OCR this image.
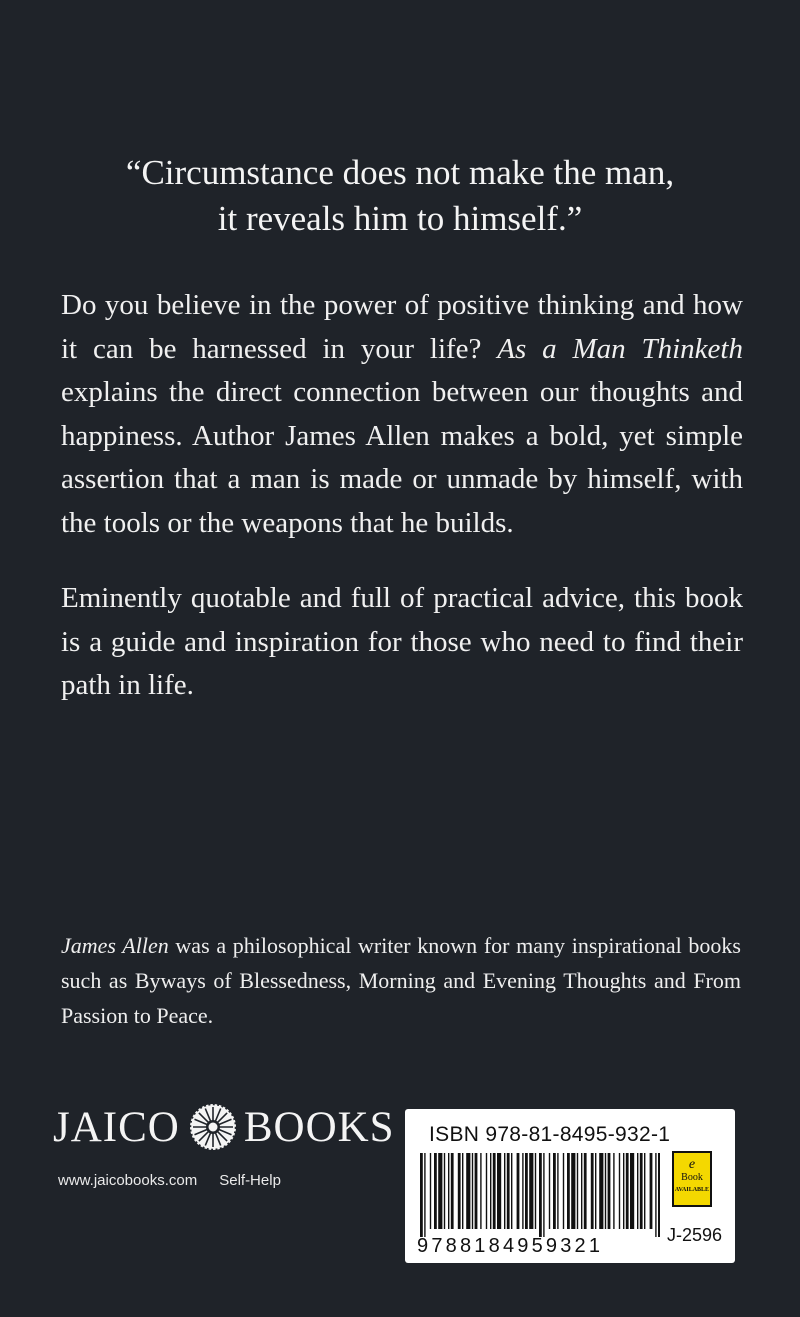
“Circumstance does not make the man,
it reveals him to himself.”
Do you believe in the power of positive thinking and how it can be harnessed in your life? As a Man Thinketh explains the direct connection between our thoughts and happiness. Author James Allen makes a bold, yet simple assertion that a man is made or unmade by himself, with the tools or the weapons that he builds.
Eminently quotable and full of practical advice, this book is a guide and inspiration for those who need to find their path in life.
James Allen was a philosophical writer known for many inspirational books such as Byways of Blessedness, Morning and Evening Thoughts and From Passion to Peace.
JAICO BOOKS
www.jaicobooks.com Self-Help
ISBN 978-81-8495-932-1
9788184959321
e
Book
AVAILABLE
J-2596
